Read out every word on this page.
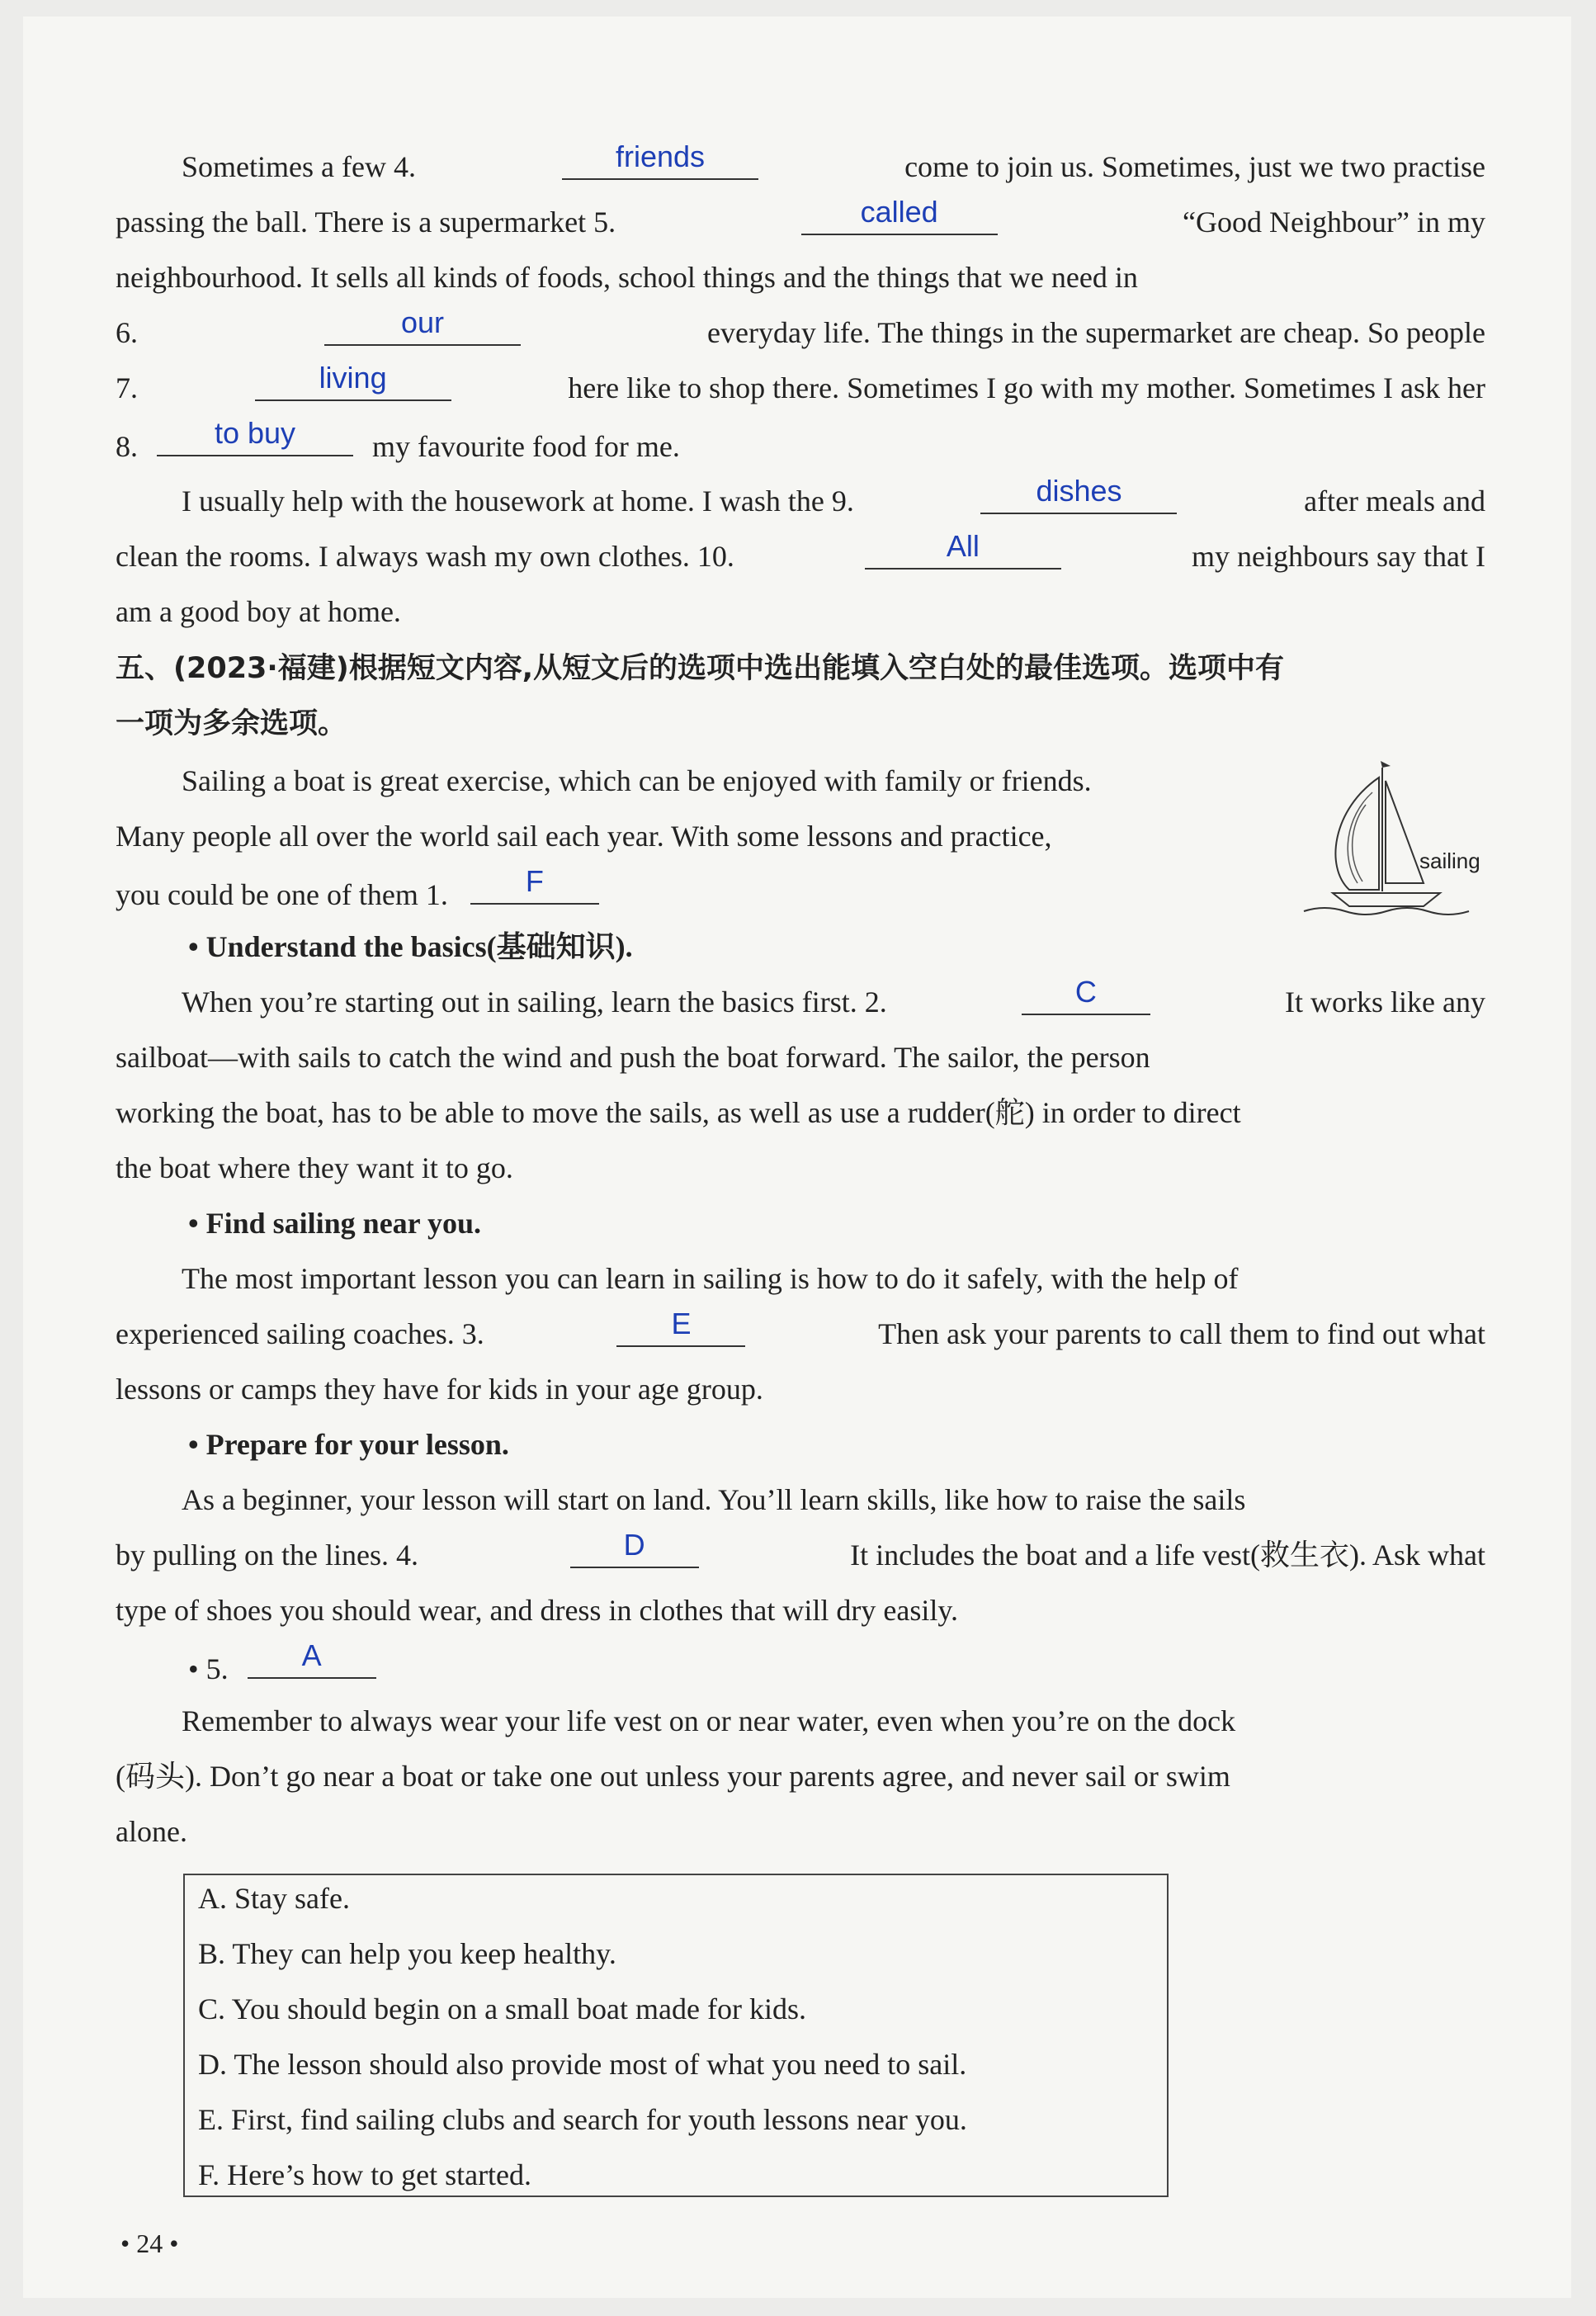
Sometimes a few 4.	friends	come to join us. Sometimes, just we two practise
passing the ball. There is a supermarket 5.	called	“Good Neighbour” in my
neighbourhood. It sells all kinds of foods, school things and the things that we need in
6.	our	everyday life. The things in the supermarket are cheap. So people
7.	living	here like to shop there. Sometimes I go with my mother. Sometimes I ask her
8.	to buy	my favourite food for me.
I usually help with the housework at home. I wash the 9.	dishes	after meals and
clean the rooms. I always wash my own clothes. 10.	All	my neighbours say that I
am a good boy at home.
五、(2023·福建)根据短文内容,从短文后的选项中选出能填入空白处的最佳选项。选项中有
一项为多余选项。
Sailing a boat is great exercise, which can be enjoyed with family or friends.
Many people all over the world sail each year. With some lessons and practice,
you could be one of them 1.	F
sailing
• Understand the basics(基础知识).
When you’re starting out in sailing, learn the basics first. 2.	C	It works like any
sailboat—with sails to catch the wind and push the boat forward. The sailor, the person
working the boat, has to be able to move the sails, as well as use a rudder(舵) in order to direct
the boat where they want it to go.
• Find sailing near you.
The most important lesson you can learn in sailing is how to do it safely, with the help of
experienced sailing coaches. 3.	E	Then ask your parents to call them to find out what
lessons or camps they have for kids in your age group.
• Prepare for your lesson.
As a beginner, your lesson will start on land. You’ll learn skills, like how to raise the sails
by pulling on the lines. 4.	D	It includes the boat and a life vest(救生衣). Ask what
type of shoes you should wear, and dress in clothes that will dry easily.
• 5.	A
Remember to always wear your life vest on or near water, even when you’re on the dock
(码头). Don’t go near a boat or take one out unless your parents agree, and never sail or swim
alone.
A. Stay safe.
B. They can help you keep healthy.
C. You should begin on a small boat made for kids.
D. The lesson should also provide most of what you need to sail.
E. First, find sailing clubs and search for youth lessons near you.
F. Here’s how to get started.
• 24 •
